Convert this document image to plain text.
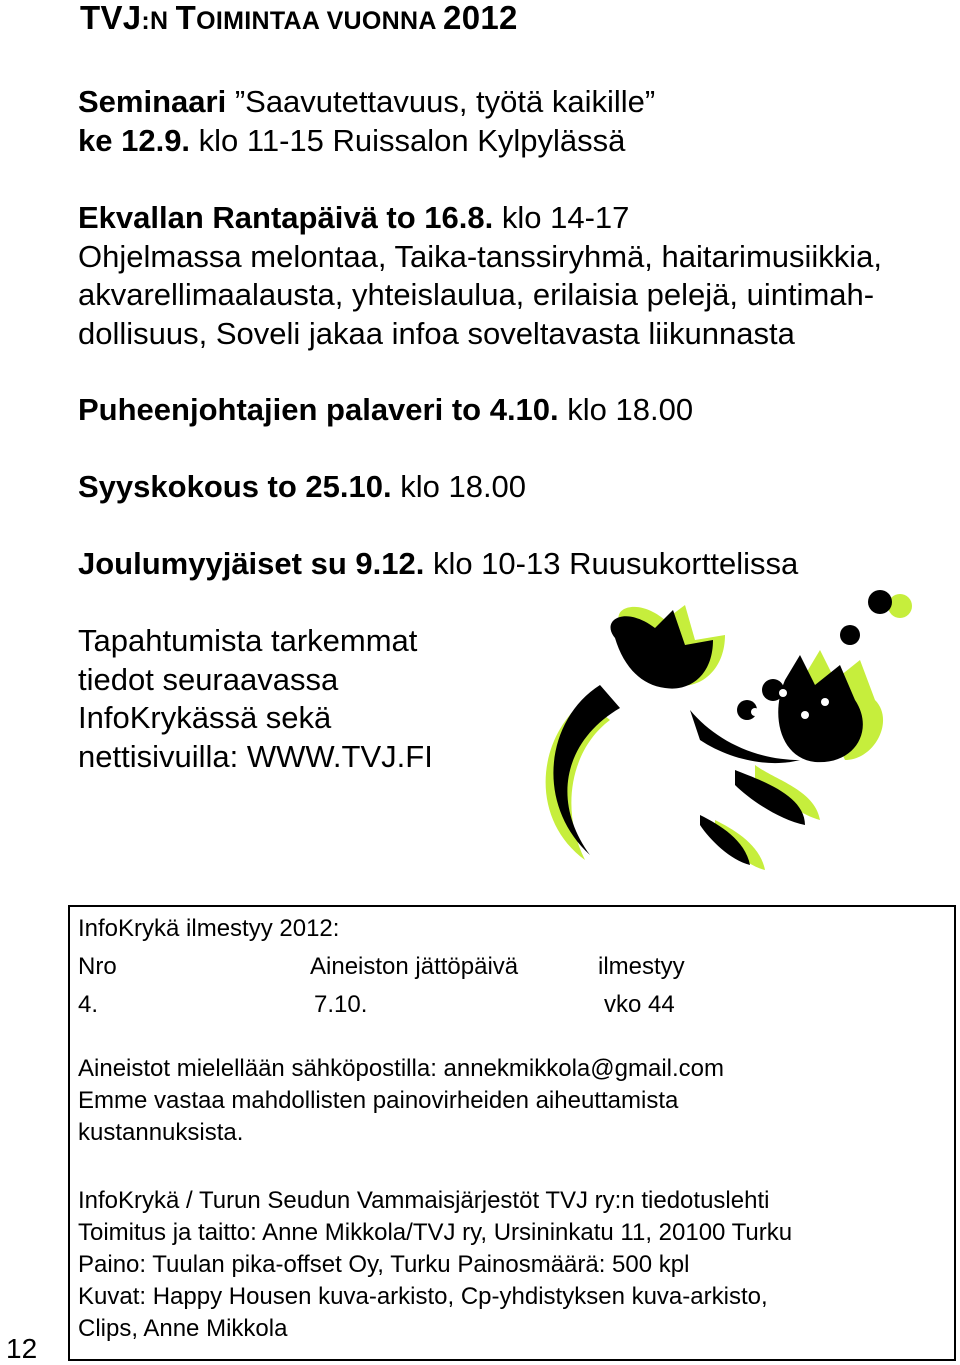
TVJ:N TOIMINTAA VUONNA 2012
Seminaari ”Saavutettavuus, työtä kaikille”
ke 12.9. klo 11-15 Ruissalon Kylpylässä
Ekvallan Rantapäivä to 16.8. klo 14-17
Ohjelmassa melontaa, Taika-tanssiryhmä, haitarimusiikkia,
akvarellimaalausta, yhteislaulua, erilaisia pelejä, uintimah-
dollisuus, Soveli jakaa infoa soveltavasta liikunnasta
Puheenjohtajien palaveri to 4.10. klo 18.00
Syyskokous to 25.10. klo 18.00
Joulumyyjäiset su 9.12. klo 10-13 Ruusukorttelissa
Tapahtumista tarkemmat
tiedot seuraavassa
InfoKrykässä sekä
nettisivuilla: WWW.TVJ.FI
InfoKrykä ilmestyy 2012:
Nro	Aineiston jättöpäivä	ilmestyy
4.	7.10.	vko 44
Aineistot mielellään sähköpostilla: annekmikkola@gmail.com
Emme vastaa mahdollisten painovirheiden aiheuttamista
kustannuksista.
InfoKrykä / Turun Seudun Vammaisjärjestöt TVJ ry:n tiedotuslehti
Toimitus ja taitto: Anne Mikkola/TVJ ry, Ursininkatu 11, 20100 Turku
Paino: Tuulan pika-offset Oy, Turku Painosmäärä: 500 kpl
Kuvat: Happy Housen kuva-arkisto, Cp-yhdistyksen kuva-arkisto,
Clips, Anne Mikkola
12
